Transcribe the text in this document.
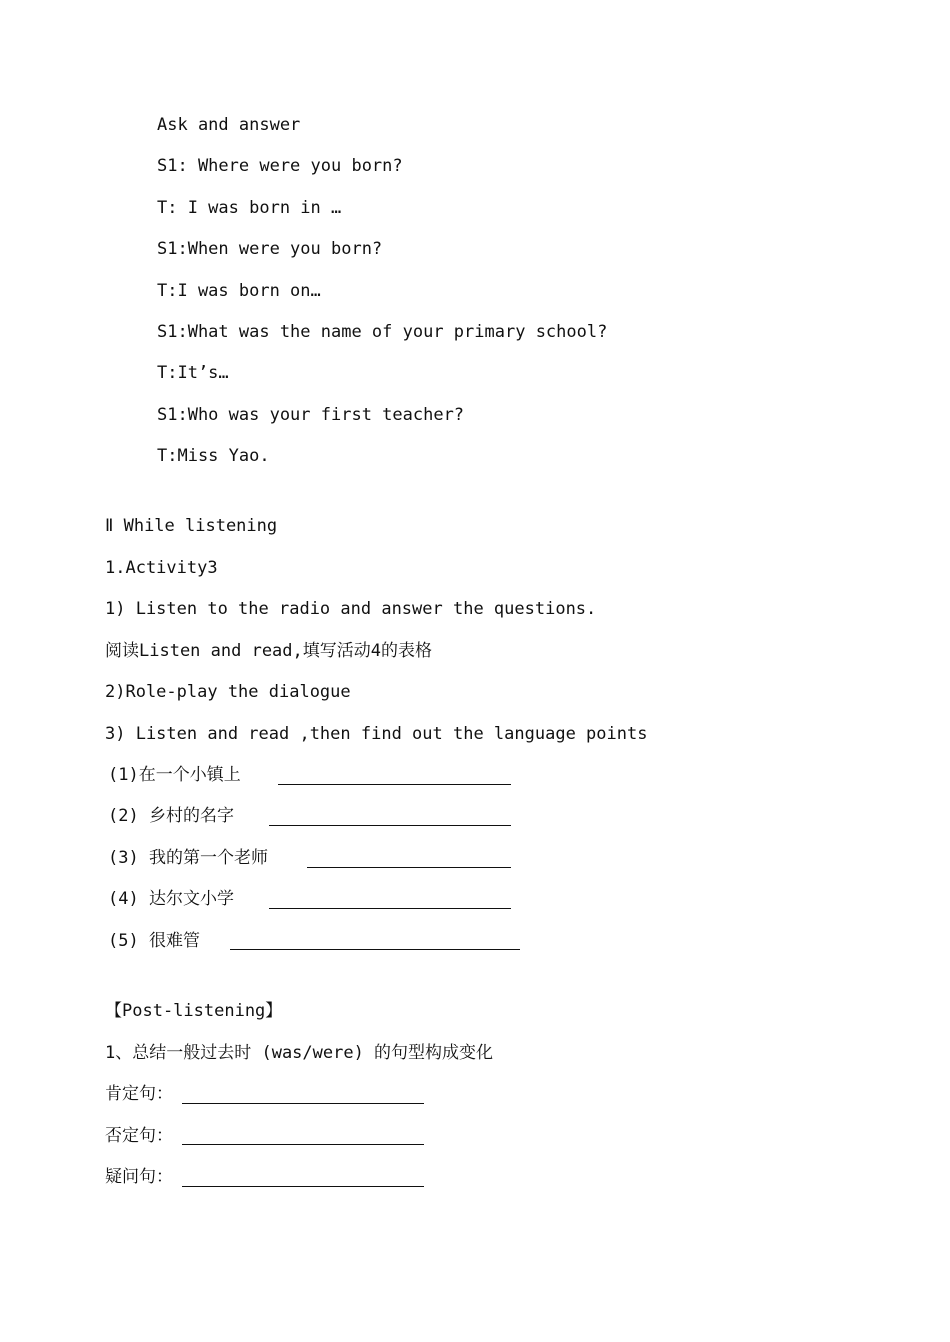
Ask and answer
S1: Where were you born?
T: I was born in …
S1:When were you born?
T:I was born on…
S1:What was the name of your primary school?
T:It’s…
S1:Who was your first teacher?
T:Miss Yao.
Ⅱ While listening
1.Activity3
1) Listen to the radio and answer the questions.
阅读Listen and read,填写活动4的表格
2)Role-play the dialogue
3) Listen and read ,then find out the language points
(1)在一个小镇上
(2) 乡村的名字
(3) 我的第一个老师
(4) 达尔文小学
(5) 很难管
【Post-listening】
1、总结一般过去时 (was/were) 的句型构成变化
肯定句：
否定句：
疑问句：
